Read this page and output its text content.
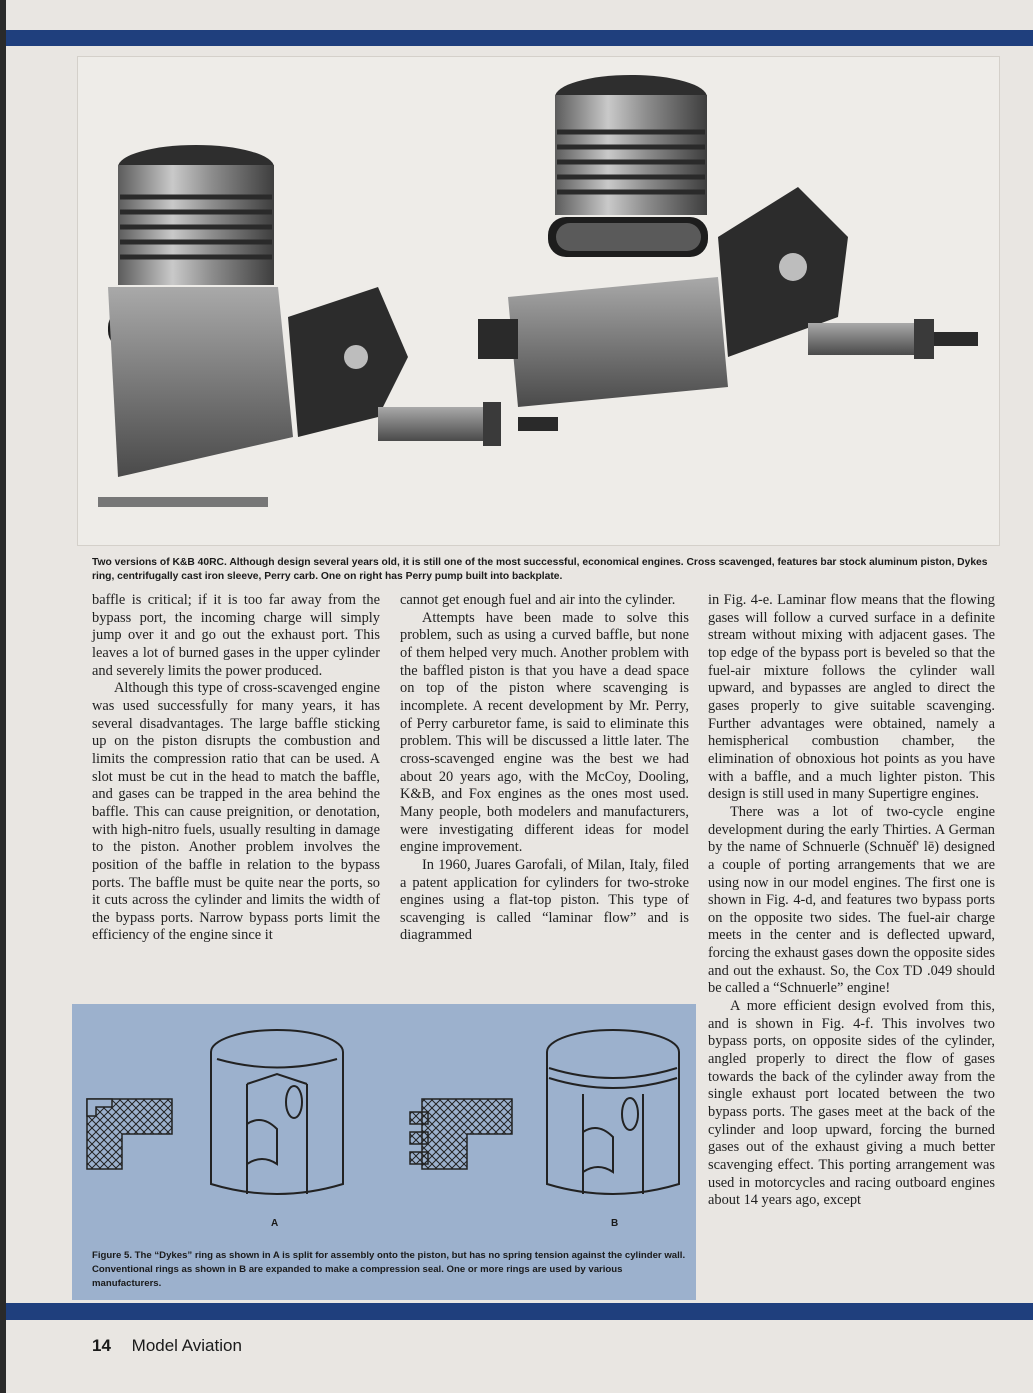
Two versions of K&B 40RC. Although design several years old, it is still one of the most successful, economical engines. Cross scavenged, features bar stock aluminum piston, Dykes ring, centrifugally cast iron sleeve, Perry carb. One on right has Perry pump built into backplate.

baffle is critical; if it is too far away from the bypass port, the incoming charge will simply jump over it and go out the exhaust port. This leaves a lot of burned gases in the upper cylinder and severely limits the power produced.

Although this type of cross-scavenged engine was used successfully for many years, it has several disadvantages. The large baffle sticking up on the piston disrupts the combustion and limits the compression ratio that can be used. A slot must be cut in the head to match the baffle, and gases can be trapped in the area behind the baffle. This can cause preignition, or denotation, with high-nitro fuels, usually resulting in damage to the piston. Another problem involves the position of the baffle in relation to the bypass ports. The baffle must be quite near the ports, so it cuts across the cylinder and limits the width of the bypass ports. Narrow bypass ports limit the efficiency of the engine since it

cannot get enough fuel and air into the cylinder.

Attempts have been made to solve this problem, such as using a curved baffle, but none of them helped very much. Another problem with the baffled piston is that you have a dead space on top of the piston where scavenging is incomplete. A recent development by Mr. Perry, of Perry carburetor fame, is said to eliminate this problem. This will be discussed a little later. The cross-scavenged engine was the best we had about 20 years ago, with the McCoy, Dooling, K&B, and Fox engines as the ones most used. Many people, both modelers and manufacturers, were investigating different ideas for model engine improvement.

In 1960, Juares Garofali, of Milan, Italy, filed a patent application for cylinders for two-stroke engines using a flat-top piston. This type of scavenging is called “laminar flow” and is diagrammed

in Fig. 4-e. Laminar flow means that the flowing gases will follow a curved surface in a definite stream without mixing with adjacent gases. The top edge of the bypass port is beveled so that the fuel-air mixture follows the cylinder wall upward, and bypasses are angled to direct the gases properly to give suitable scavenging. Further advantages were obtained, namely a hemispherical combustion chamber, the elimination of obnoxious hot points as you have with a baffle, and a much lighter piston. This design is still used in many Supertigre engines.

There was a lot of two-cycle engine development during the early Thirties. A German by the name of Schnuerle (Schnuěf' lē) designed a couple of porting arrangements that we are using now in our model engines. The first one is shown in Fig. 4-d, and features two bypass ports on the opposite two sides. The fuel-air charge meets in the center and is deflected upward, forcing the exhaust gases down the opposite sides and out the exhaust. So, the Cox TD .049 should be called a “Schnuerle” engine!

A more efficient design evolved from this, and is shown in Fig. 4-f. This involves two bypass ports, on opposite sides of the cylinder, angled properly to direct the flow of gases towards the back of the cylinder away from the single exhaust port located between the two bypass ports. The gases meet at the back of the cylinder and loop upward, forcing the burned gases out of the exhaust giving a much better scavenging effect. This porting arrangement was used in motorcycles and racing outboard engines about 14 years ago, except

A	B
Figure 5. The “Dykes” ring as shown in A is split for assembly onto the piston, but has no spring tension against the cylinder wall. Conventional rings as shown in B are expanded to make a compression seal. One or more rings are used by various manufacturers.
14 Model Aviation
